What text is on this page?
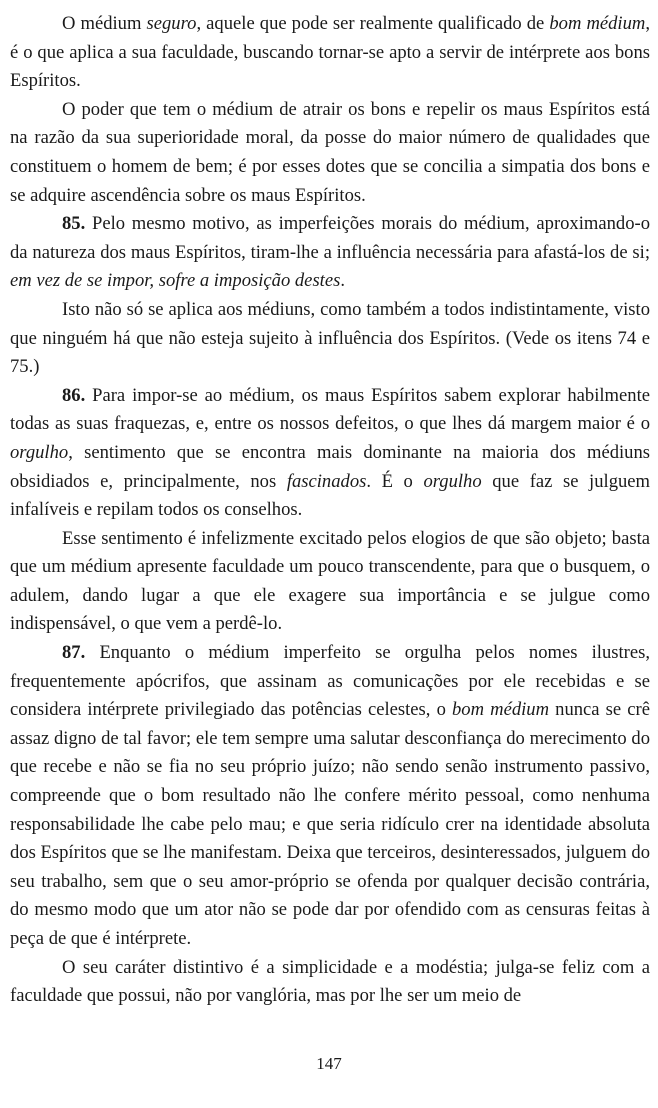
O médium seguro, aquele que pode ser realmente qualificado de bom médium, é o que aplica a sua faculdade, buscando tornar-se apto a servir de intérprete aos bons Espíritos.

O poder que tem o médium de atrair os bons e repelir os maus Espíritos está na razão da sua superioridade moral, da posse do maior número de qualidades que constituem o homem de bem; é por esses dotes que se concilia a simpatia dos bons e se adquire ascendência sobre os maus Espíritos.

85. Pelo mesmo motivo, as imperfeições morais do médium, aproximando-o da natureza dos maus Espíritos, tiram-lhe a influência necessária para afastá-los de si; em vez de se impor, sofre a imposição destes.

Isto não só se aplica aos médiuns, como também a todos indistintamente, visto que ninguém há que não esteja sujeito à influência dos Espíritos. (Vede os itens 74 e 75.)

86. Para impor-se ao médium, os maus Espíritos sabem explorar habilmente todas as suas fraquezas, e, entre os nossos defeitos, o que lhes dá margem maior é o orgulho, sentimento que se encontra mais dominante na maioria dos médiuns obsidiados e, principalmente, nos fascinados. É o orgulho que faz se julguem infalíveis e repilam todos os conselhos.

Esse sentimento é infelizmente excitado pelos elogios de que são objeto; basta que um médium apresente faculdade um pouco transcendente, para que o busquem, o adulem, dando lugar a que ele exagere sua importância e se julgue como indispensável, o que vem a perdê-lo.

87. Enquanto o médium imperfeito se orgulha pelos nomes ilustres, frequentemente apócrifos, que assinam as comunicações por ele recebidas e se considera intérprete privilegiado das potências celestes, o bom médium nunca se crê assaz digno de tal favor; ele tem sempre uma salutar desconfiança do merecimento do que recebe e não se fia no seu próprio juízo; não sendo senão instrumento passivo, compreende que o bom resultado não lhe confere mérito pessoal, como nenhuma responsabilidade lhe cabe pelo mau; e que seria ridículo crer na identidade absoluta dos Espíritos que se lhe manifestam. Deixa que terceiros, desinteressados, julguem do seu trabalho, sem que o seu amor-próprio se ofenda por qualquer decisão contrária, do mesmo modo que um ator não se pode dar por ofendido com as censuras feitas à peça de que é intérprete.

O seu caráter distintivo é a simplicidade e a modéstia; julga-se feliz com a faculdade que possui, não por vanglória, mas por lhe ser um meio de

147
